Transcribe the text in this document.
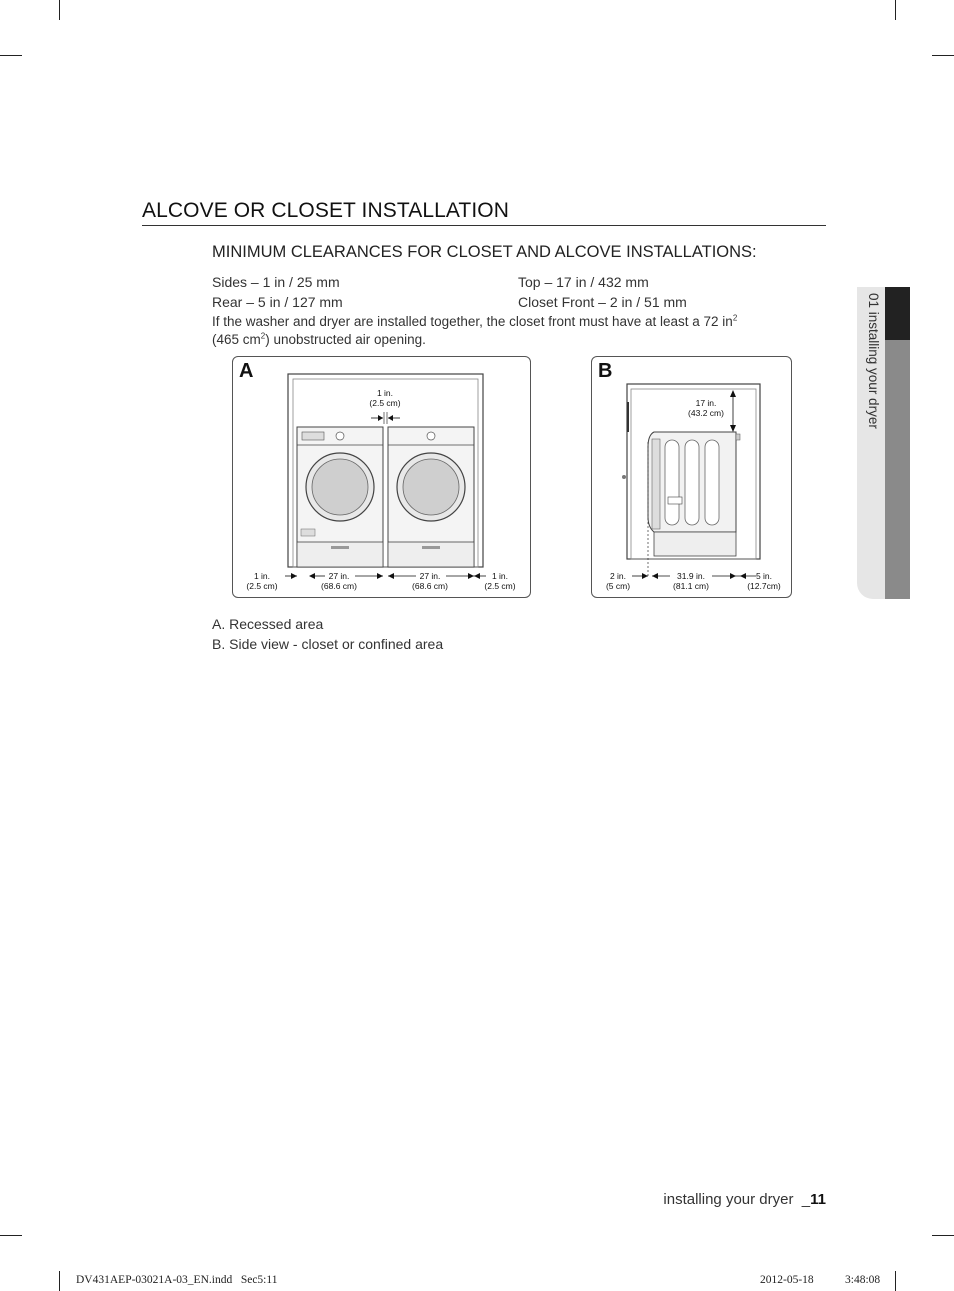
ALCOVE OR CLOSET INSTALLATION
MINIMUM CLEARANCES FOR CLOSET AND ALCOVE INSTALLATIONS:
Sides – 1 in / 25 mm	Top – 17 in / 432 mm
Rear – 5 in / 127 mm	Closet Front – 2 in / 51 mm
If the washer and dryer are installed together, the closet front must have at least a 72 $in^2$
(465 $cm^2$) unobstructed air opening.
A
1 in.
(2.5 cm)
1 in.
(2.5 cm)
27 in.
(68.6 cm)
27 in.
(68.6 cm)
1 in.
(2.5 cm)
B
17 in.
(43.2 cm)
2 in.
(5 cm)
31.9 in.
(81.1 cm)
5 in.
(12.7cm)
A. Recessed area
B. Side view - closet or confined area
01 installing your dryer
installing your dryer  _11
DV431AEP-03021A-03_EN.indd   Sec5:11	2012-05-18	3:48:08
